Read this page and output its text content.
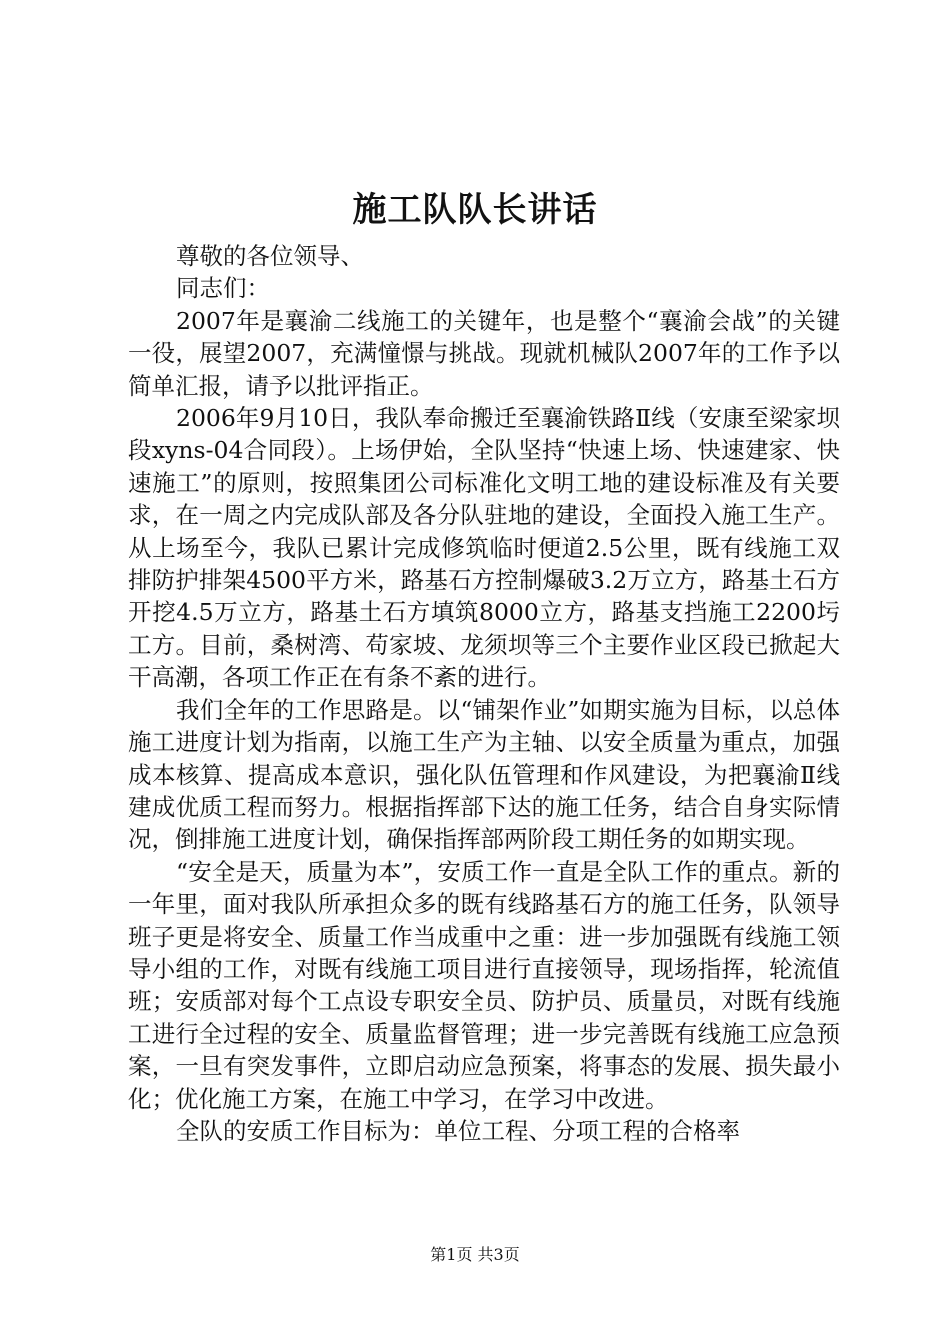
施工队队长讲话

尊敬的各位领导、

同志们：

2007年是襄渝二线施工的关键年，也是整个“襄渝会战”的关键一役，展望2007，充满憧憬与挑战。现就机械队2007年的工作予以简单汇报，请予以批评指正。

2006年9月10日，我队奉命搬迁至襄渝铁路Ⅱ线（安康至梁家坝段xyns-04合同段）。上场伊始，全队坚持“快速上场、快速建家、快速施工”的原则，按照集团公司标准化文明工地的建设标准及有关要求，在一周之内完成队部及各分队驻地的建设，全面投入施工生产。从上场至今，我队已累计完成修筑临时便道2.5公里，既有线施工双排防护排架4500平方米，路基石方控制爆破3.2万立方，路基土石方开挖4.5万立方，路基土石方填筑8000立方，路基支挡施工2200圬工方。目前，桑树湾、苟家坡、龙须坝等三个主要作业区段已掀起大干高潮，各项工作正在有条不紊的进行。

我们全年的工作思路是。以“铺架作业”如期实施为目标，以总体施工进度计划为指南，以施工生产为主轴、以安全质量为重点，加强成本核算、提高成本意识，强化队伍管理和作风建设，为把襄渝Ⅱ线建成优质工程而努力。根据指挥部下达的施工任务，结合自身实际情况，倒排施工进度计划，确保指挥部两阶段工期任务的如期实现。

“安全是天，质量为本”，安质工作一直是全队工作的重点。新的一年里，面对我队所承担众多的既有线路基石方的施工任务，队领导班子更是将安全、质量工作当成重中之重：进一步加强既有线施工领导小组的工作，对既有线施工项目进行直接领导，现场指挥，轮流值班；安质部对每个工点设专职安全员、防护员、质量员，对既有线施工进行全过程的安全、质量监督管理；进一步完善既有线施工应急预案，一旦有突发事件，立即启动应急预案，将事态的发展、损失最小化；优化施工方案，在施工中学习，在学习中改进。

全队的安质工作目标为：单位工程、分项工程的合格率

第1页 共3页
